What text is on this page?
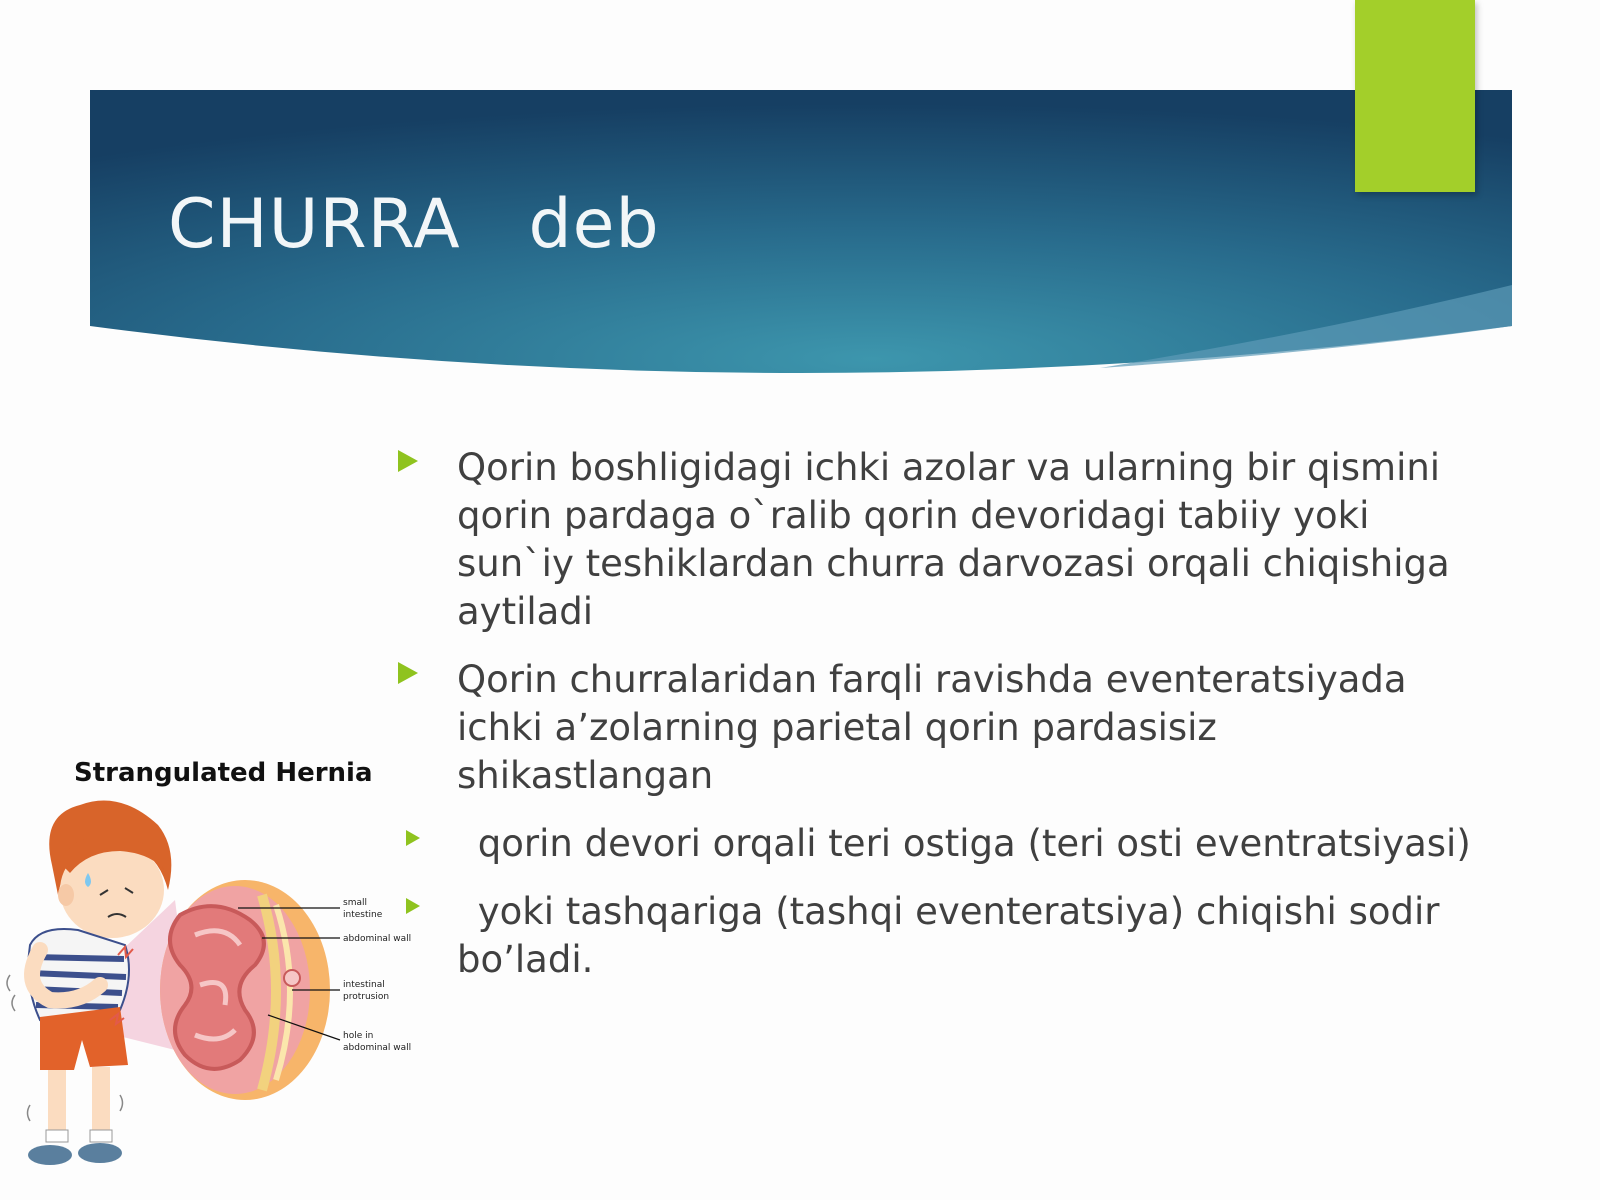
CHURRA   deb
Qorin boshligidagi ichki azolar va ularning bir qismini qorin pardaga o`ralib qorin devoridagi tabiiy yoki sun`iy teshiklardan churra darvozasi orqali chiqishiga aytiladi
Qorin churralaridan farqli ravishda eventeratsiyada ichki a’zolarning parietal qorin pardasisiz shikastlangan
qorin devori orqali teri ostiga (teri osti eventratsiyasi)
yoki tashqariga (tashqi eventeratsiya) chiqishi sodir
bo’ladi.
Strangulated Hernia
small
intestine
abdominal wall
intestinal
protrusion
hole in
abdominal wall
